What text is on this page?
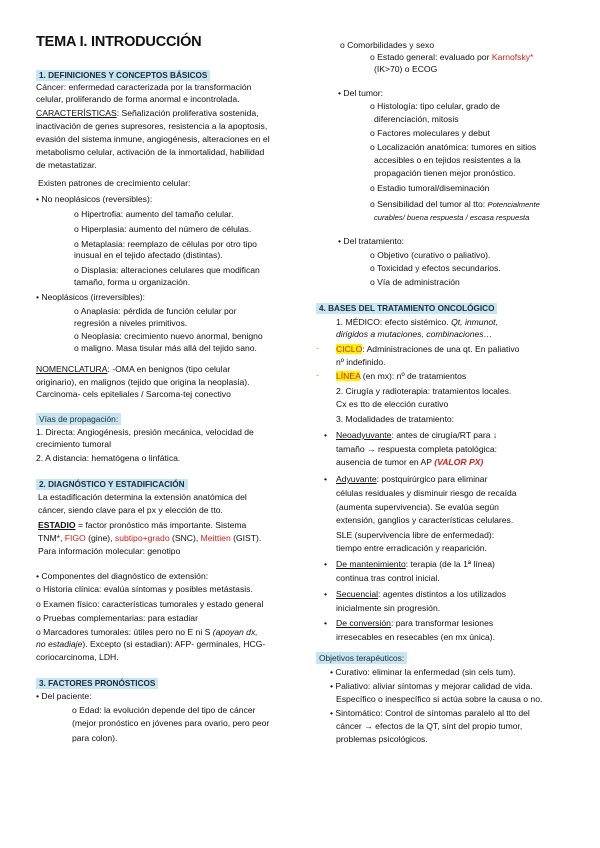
TEMA I. INTRODUCCIÓN
1. DEFINICIONES Y CONCEPTOS BÁSICOS
Cáncer: enfermedad caracterizada por la transformación
celular, proliferando de forma anormal e incontrolada.
CARACTERÍSTICAS: Señalización proliferativa sostenida,
inactivación de genes supresores, resistencia a la apoptosis,
evasión del sistema inmune, angiogénesis, alteraciones en el
metabolismo celular, activación de la inmortalidad, habilidad
de metastatizar.
Existen patrones de crecimiento celular:
• No neoplásicos (reversibles):
o Hipertrofia: aumento del tamaño celular.
o Hiperplasia: aumento del número de células.
o Metaplasia: reemplazo de células por otro tipo
inusual en el tejido afectado (distintas).
o Displasia: alteraciones celulares que modifican
tamaño, forma u organización.
• Neoplásicos (irreversibles):
o Anaplasia: pérdida de función celular por
regresión a niveles primitivos.
o Neoplasia: crecimiento nuevo anormal, benigno
o maligno. Masa tisular más allá del tejido sano.
NOMENCLATURA: -OMA en benignos (tipo celular
originario), en malignos (tejido que origina la neoplasia).
Carcinoma- cels epiteliales / Sarcoma-tej conectivo
Vías de propagación:
1. Directa: Angiogénesis, presión mecánica, velocidad de
crecimiento tumoral
2. A distancia: hematógena o linfática.
2. DIAGNÓSTICO Y ESTADIFICACIÓN
La estadificación determina la extensión anatómica del
cáncer, siendo clave para el px y elección de tto.
ESTADIO = factor pronóstico más importante. Sistema
TNM*, FIGO (gine), subtipo+grado (SNC), Meittien (GIST).
Para información molecular: genotipo
• Componentes del diagnóstico de extensión:
o Historia clínica: evalúa síntomas y posibles metástasis.
o Examen físico: características tumorales y estado general
o Pruebas complementarias: para estadiar
o Marcadores tumorales: útiles pero no E ni S (apoyan dx,
no estadiaje). Excepto (si estadian): AFP- germinales, HCG-
coriocarcinoma, LDH.
3. FACTORES PRONÓSTICOS
• Del paciente:
o Edad: la evolución depende del tipo de cáncer
(mejor pronóstico en jóvenes para ovario, pero peor
para colon).
o Comorbilidades y sexo
o Estado general: evaluado por Karnofsky*
(IK>70) o ECOG
• Del tumor:
o Histología: tipo celular, grado de
diferenciación, mitosis
o Factores moleculares y debut
o Localización anatómica: tumores en sitios
accesibles o en tejidos resistentes a la
propagación tienen mejor pronóstico.
o Estadio tumoral/diseminación
o Sensibilidad del tumor al tto: Potencialmente
curables/ buena respuesta / escasa respuesta
• Del tratamiento:
o Objetivo (curativo o paliativo).
o Toxicidad y efectos secundarios.
o Vía de administración
4. BASES DEL TRATAMIENTO ONCOLÓGICO
1. MÉDICO: efecto sistémico. Qt, inmunot,
dirigidos a mutaciones, combinaciones…
- CICLO: Administraciones de una qt. En paliativo
nº indefinido.
- LÍNEA (en mx): nº de tratamientos
2. Cirugía y radioterapia: tratamientos locales.
Cx es tto de elección curativo
3. Modalidades de tratamiento:
• Neoadyuvante: antes de cirugía/RT para ↓
tamaño → respuesta completa patológica:
ausencia de tumor en AP (VALOR PX)
• Adyuvante: postquirúrgico para eliminar
células residuales y disminuir riesgo de recaída
(aumenta supervivencia). Se evalúa según
extensión, ganglios y características celulares.
SLE (supervivencia libre de enfermedad):
tiempo entre erradicación y reaparición.
• De mantenimiento: terapia (de la 1ª línea)
continua tras control inicial.
• Secuencial: agentes distintos a los utilizados
inicialmente sin progresión.
• De conversión: para transformar lesiones
irresecables en resecables (en mx única).
Objetivos terapéuticos:
• Curativo: eliminar la enfermedad (sin cels tum).
• Paliativo: aliviar síntomas y mejorar calidad de vida.
Específico o inespecífico si actúa sobre la causa o no.
• Sintomático: Control de síntomas paralelo al tto del
cáncer → efectos de la QT, sínt del propio tumor,
problemas psicológicos.
